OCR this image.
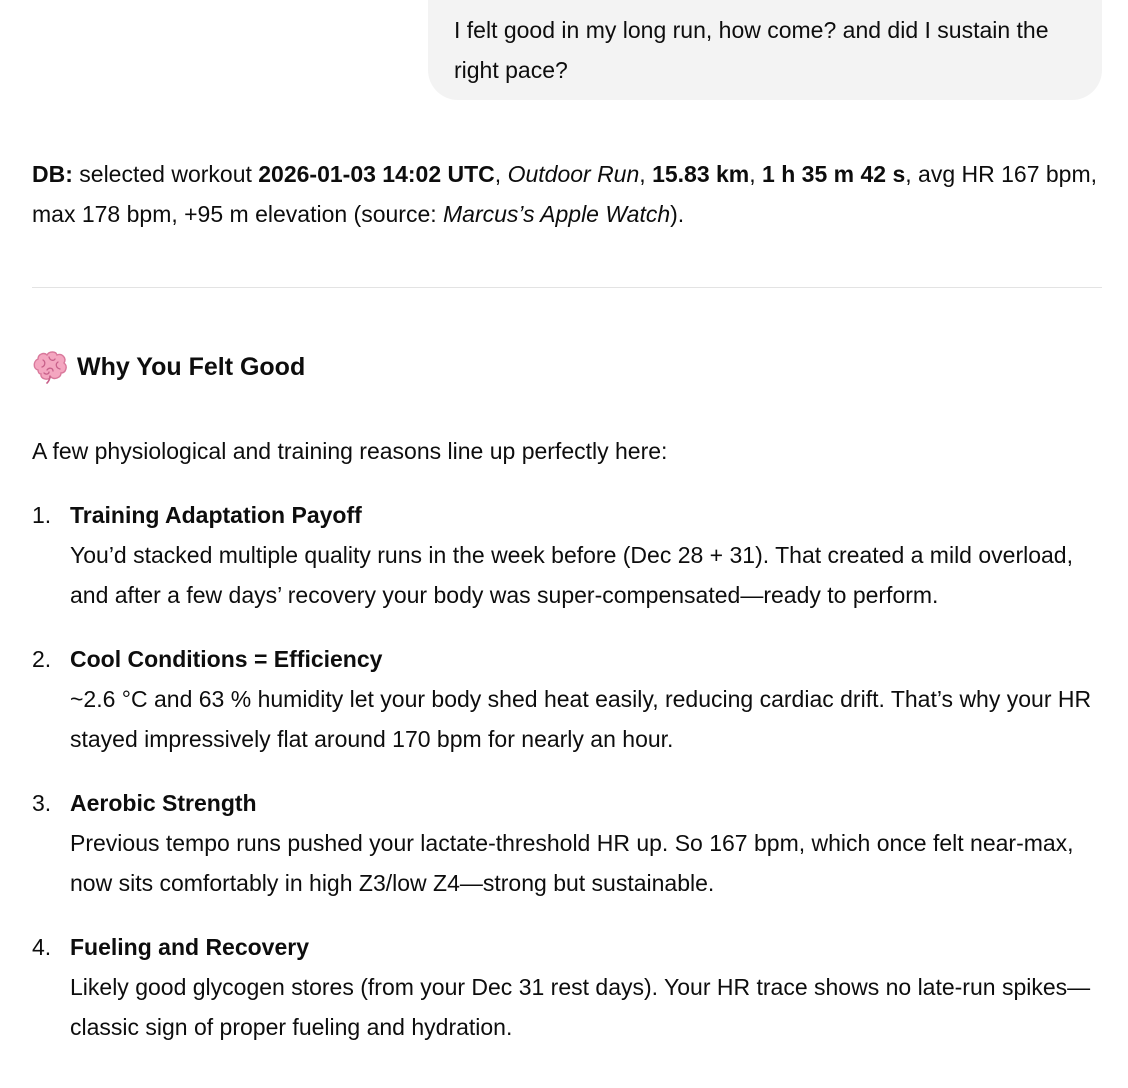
I felt good in my long run, how come? and did I sustain the right pace?
DB: selected workout 2026-01-03 14:02 UTC, Outdoor Run, 15.83 km, 1 h 35 m 42 s, avg HR 167 bpm, max 178 bpm, +95 m elevation (source: Marcus’s Apple Watch).
Why You Felt Good
A few physiological and training reasons line up perfectly here:
1. Training Adaptation Payoff
You’d stacked multiple quality runs in the week before (Dec 28 + 31). That created a mild overload, and after a few days’ recovery your body was super-compensated—ready to perform.
2. Cool Conditions = Efficiency
~2.6 °C and 63 % humidity let your body shed heat easily, reducing cardiac drift. That’s why your HR stayed impressively flat around 170 bpm for nearly an hour.
3. Aerobic Strength
Previous tempo runs pushed your lactate-threshold HR up. So 167 bpm, which once felt near-max, now sits comfortably in high Z3/low Z4—strong but sustainable.
4. Fueling and Recovery
Likely good glycogen stores (from your Dec 31 rest days). Your HR trace shows no late-run spikes—classic sign of proper fueling and hydration.
